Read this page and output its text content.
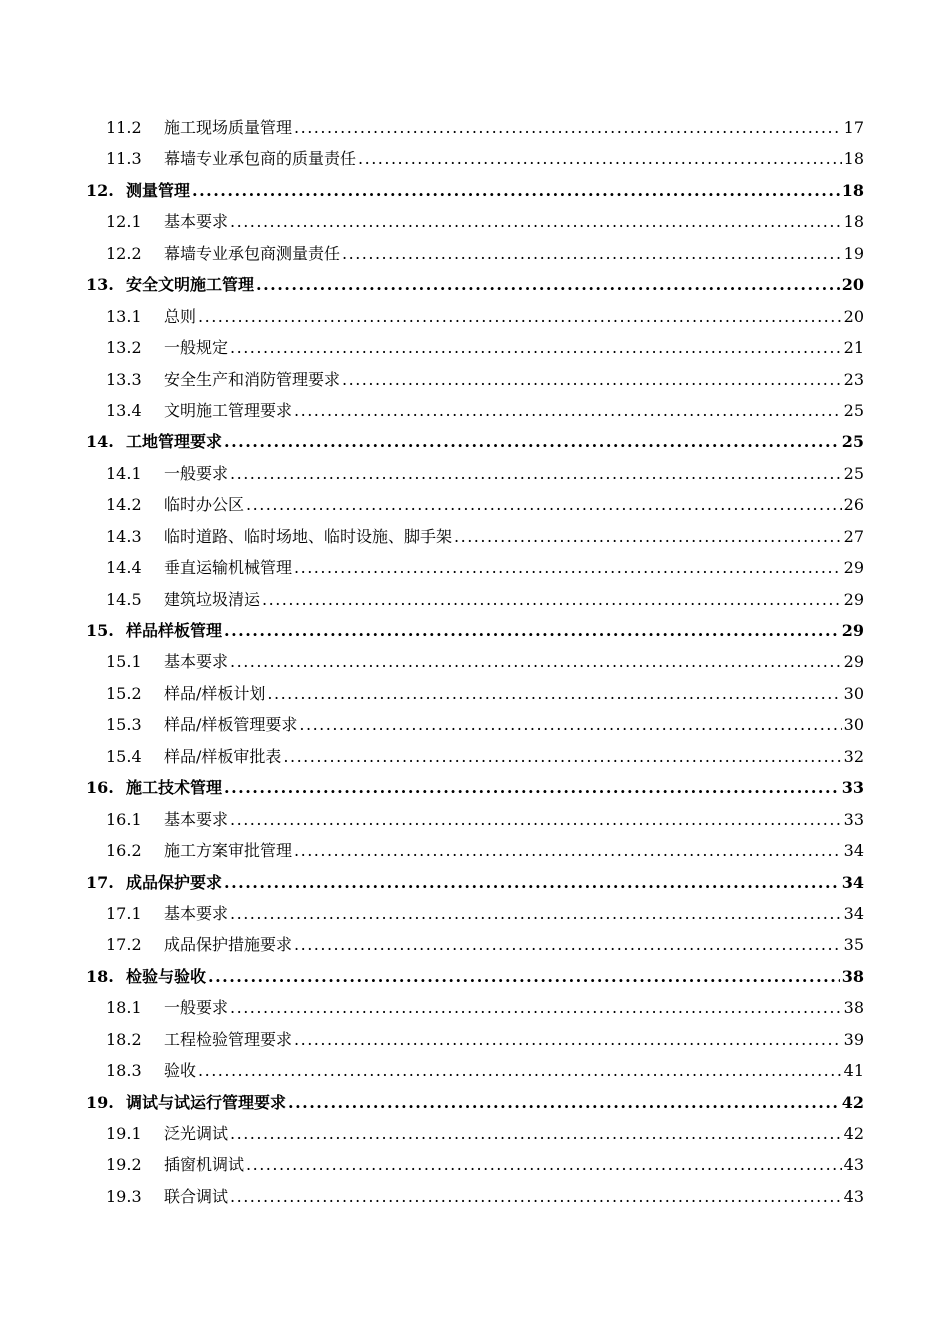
11.2	施工现场质量管理 .....	17
11.3	幕墙专业承包商的质量责任 .....	18
12. 测量管理 .....	18
12.1	基本要求 .....	18
12.2	幕墙专业承包商测量责任 .....	19
13. 安全文明施工管理 .....	20
13.1	总则 .....	20
13.2	一般规定 .....	21
13.3	安全生产和消防管理要求 .....	23
13.4	文明施工管理要求 .....	25
14. 工地管理要求 .....	25
14.1	一般要求 .....	25
14.2	临时办公区 .....	26
14.3	临时道路、临时场地、临时设施、脚手架 .....	27
14.4	垂直运输机械管理 .....	29
14.5	建筑垃圾清运 .....	29
15. 样品样板管理 .....	29
15.1	基本要求 .....	29
15.2	样品/样板计划 .....	30
15.3	样品/样板管理要求 .....	30
15.4	样品/样板审批表 .....	32
16. 施工技术管理 .....	33
16.1	基本要求 .....	33
16.2	施工方案审批管理 .....	34
17. 成品保护要求 .....	34
17.1	基本要求 .....	34
17.2	成品保护措施要求 .....	35
18. 检验与验收 .....	38
18.1	一般要求 .....	38
18.2	工程检验管理要求 .....	39
18.3	验收 .....	41
19. 调试与试运行管理要求 .....	42
19.1	泛光调试 .....	42
19.2	插窗机调试 .....	43
19.3	联合调试 .....	43
